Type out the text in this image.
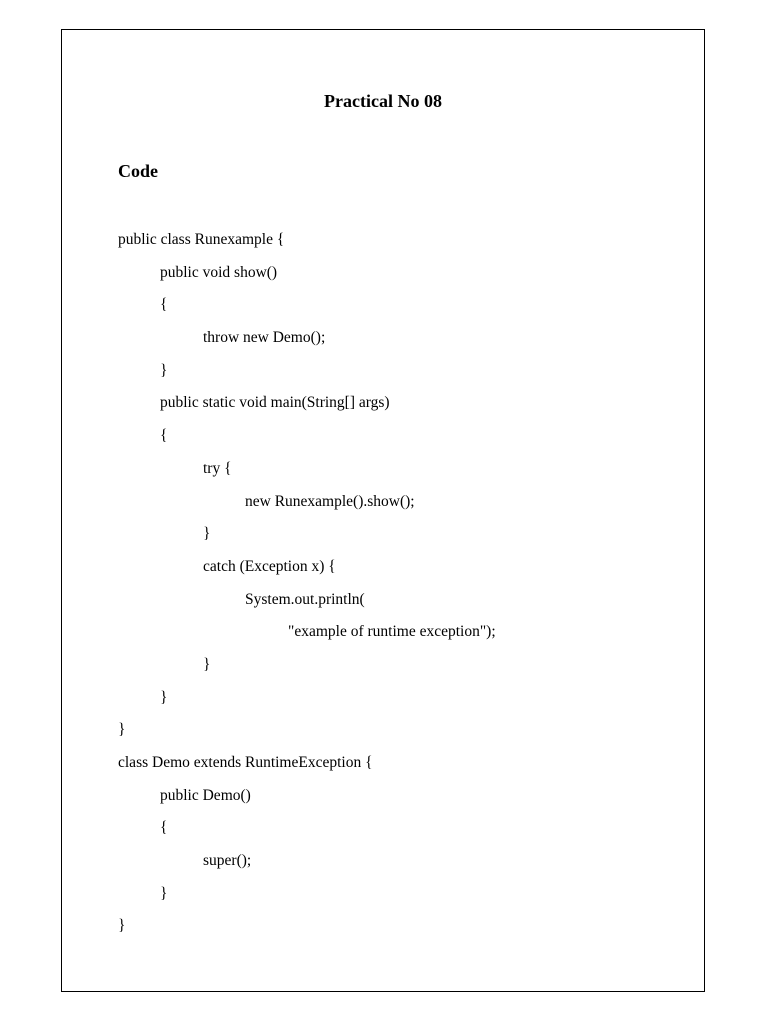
Practical No 08
Code
public class Runexample {
public void show()
{
throw new Demo();
}
public static void main(String[] args)
{
try {
new Runexample().show();
}
catch (Exception x) {
System.out.println(
"example of runtime exception");
}
}
}
class Demo extends RuntimeException {
public Demo()
{
super();
}
}
